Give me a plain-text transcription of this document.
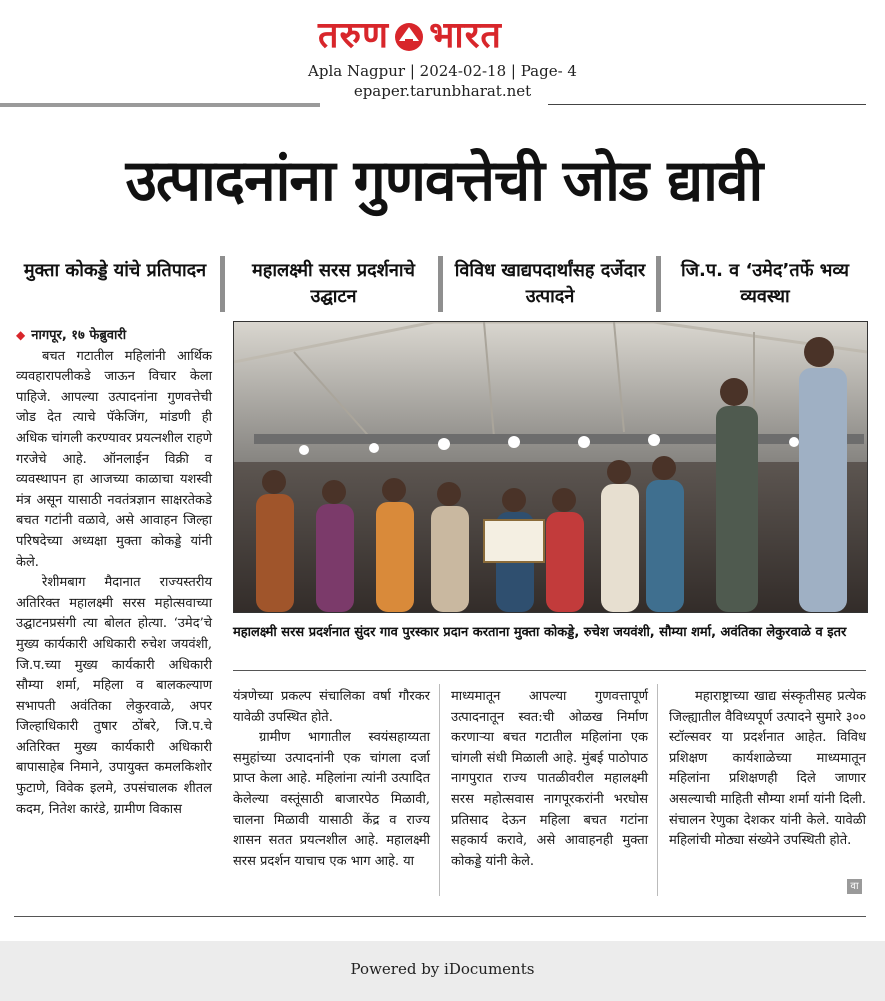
तरुण भारत
Apla Nagpur | 2024-02-18 | Page- 4
epaper.tarunbharat.net
उत्पादनांना गुणवत्तेची जोड द्यावी
मुक्ता कोकड्डे यांचे प्रतिपादन	महालक्ष्मी सरस प्रदर्शनाचे उद्घाटन
विविध खाद्यपदार्थांसह दर्जेदार उत्पादने
जि.प. व ‘उमेद’तर्फे भव्य व्यवस्था

◆ नागपूर, १७ फेब्रुवारी

बचत गटातील महिलांनी आर्थिक व्यवहारापलीकडे जाऊन विचार केला पाहिजे. आपल्या उत्पादनांना गुणवत्तेची जोड देत त्याचे पॅकेजिंग, मांडणी ही अधिक चांगली करण्यावर प्रयत्नशील राहणे गरजेचे आहे. ऑनलाईन विक्री व व्यवस्थापन हा आजच्या काळाचा यशस्वी मंत्र असून यासाठी नवतंत्रज्ञान साक्षरतेकडे बचत गटांनी वळावे, असे आवाहन जिल्हा परिषदेच्या अध्यक्षा मुक्ता कोकड्डे यांनी केले.

रेशीमबाग मैदानात राज्यस्तरीय अतिरिक्त महालक्ष्मी सरस महोत्सवाच्या उद्घाटनप्रसंगी त्या बोलत होत्या. ‘उमेद’चे मुख्य कार्यकारी अधिकारी रुचेश जयवंशी, जि.प.च्या मुख्य कार्यकारी अधिकारी सौम्या शर्मा, महिला व बालकल्याण सभापती अवंतिका लेकुरवाळे, अपर जिल्हाधिकारी तुषार ठोंबरे, जि.प.चे अतिरिक्त मुख्य कार्यकारी अधिकारी बापासाहेब निमाने, उपायुक्त कमलकिशोर फुटाणे, विवेक इलमे, उपसंचालक शीतल कदम, नितेश कारंडे, ग्रामीण विकास

महालक्ष्मी सरस प्रदर्शनात सुंदर गाव पुरस्कार प्रदान करताना मुक्ता कोकड्डे, रुचेश जयवंशी, सौम्या शर्मा, अवंतिका लेकुरवाळे व इतर

यंत्रणेच्या प्रकल्प संचालिका वर्षा गौरकर यावेळी उपस्थित होते.

ग्रामीण भागातील स्वयंसहाय्यता समुहांच्या उत्पादनांनी एक चांगला दर्जा प्राप्त केला आहे. महिलांना त्यांनी उत्पादित केलेल्या वस्तूंसाठी बाजारपेठ मिळावी, चालना मिळावी यासाठी केंद्र व राज्य शासन सतत प्रयत्नशील आहे. महालक्ष्मी सरस प्रदर्शन याचाच एक भाग आहे. या

माध्यमातून आपल्या गुणवत्तापूर्ण उत्पादनातून स्वत:ची ओळख निर्माण करणाऱ्या बचत गटातील महिलांना एक चांगली संधी मिळाली आहे. मुंबई पाठोपाठ नागपुरात राज्य पातळीवरील महालक्ष्मी सरस महोत्सवास नागपूरकरांनी भरघोस प्रतिसाद देऊन महिला बचत गटांना सहकार्य करावे, असे आवाहनही मुक्ता कोकड्डे यांनी केले.

महाराष्ट्राच्या खाद्य संस्कृतीसह प्रत्येक जिल्ह्यातील वैविध्यपूर्ण उत्पादने सुमारे ३०० स्टॉल्सवर या प्रदर्शनात आहेत. विविध प्रशिक्षण कार्यशाळेच्या माध्यमातून महिलांना प्रशिक्षणही दिले जाणार असल्याची माहिती सौम्या शर्मा यांनी दिली. संचालन रेणुका देशकर यांनी केले. यावेळी महिलांची मोठ्या संख्येने उपस्थिती होते.

वा
Powered by iDocuments
